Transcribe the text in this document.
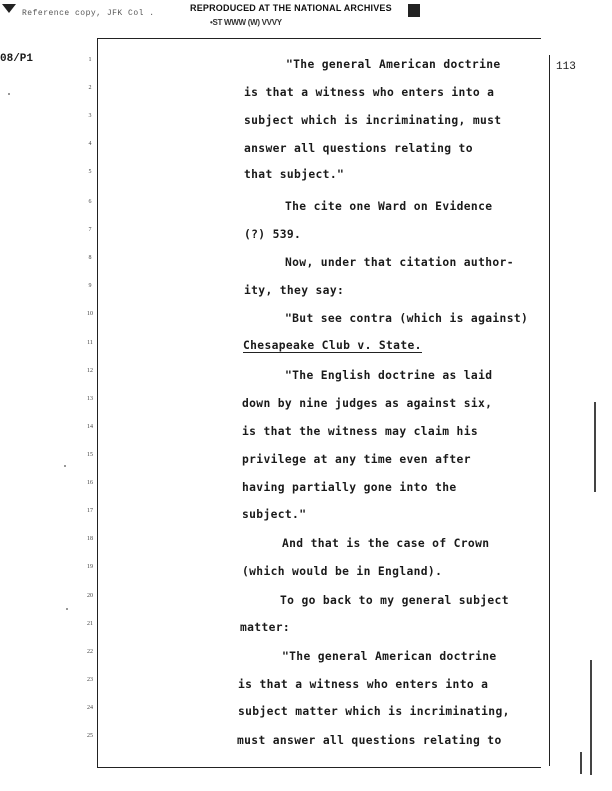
Reference copy, JFK Col .
REPRODUCED AT THE NATIONAL ARCHIVES
•ST WWW (W) VVVY
08/P1
113
1
2
3
4
5
6
7
8
9
10
11
12
13
14
15
16
17
18
19
20
21
22
23
24
25
"The general American doctrine
is that a witness who enters into a
subject which is incriminating, must
answer all questions relating to
that subject."
The cite one Ward on Evidence
(?) 539.
Now, under that citation author-
ity, they say:
"But see contra (which is against)
Chesapeake Club v. State.
"The English doctrine as laid
down by nine judges as against six,
is that the witness may claim his
privilege at any time even after
having partially gone into the
subject."
And that is the case of Crown
(which would be in England).
To go back to my general subject
matter:
"The general American doctrine
is that a witness who enters into a
subject matter which is incriminating,
must answer all questions relating to
